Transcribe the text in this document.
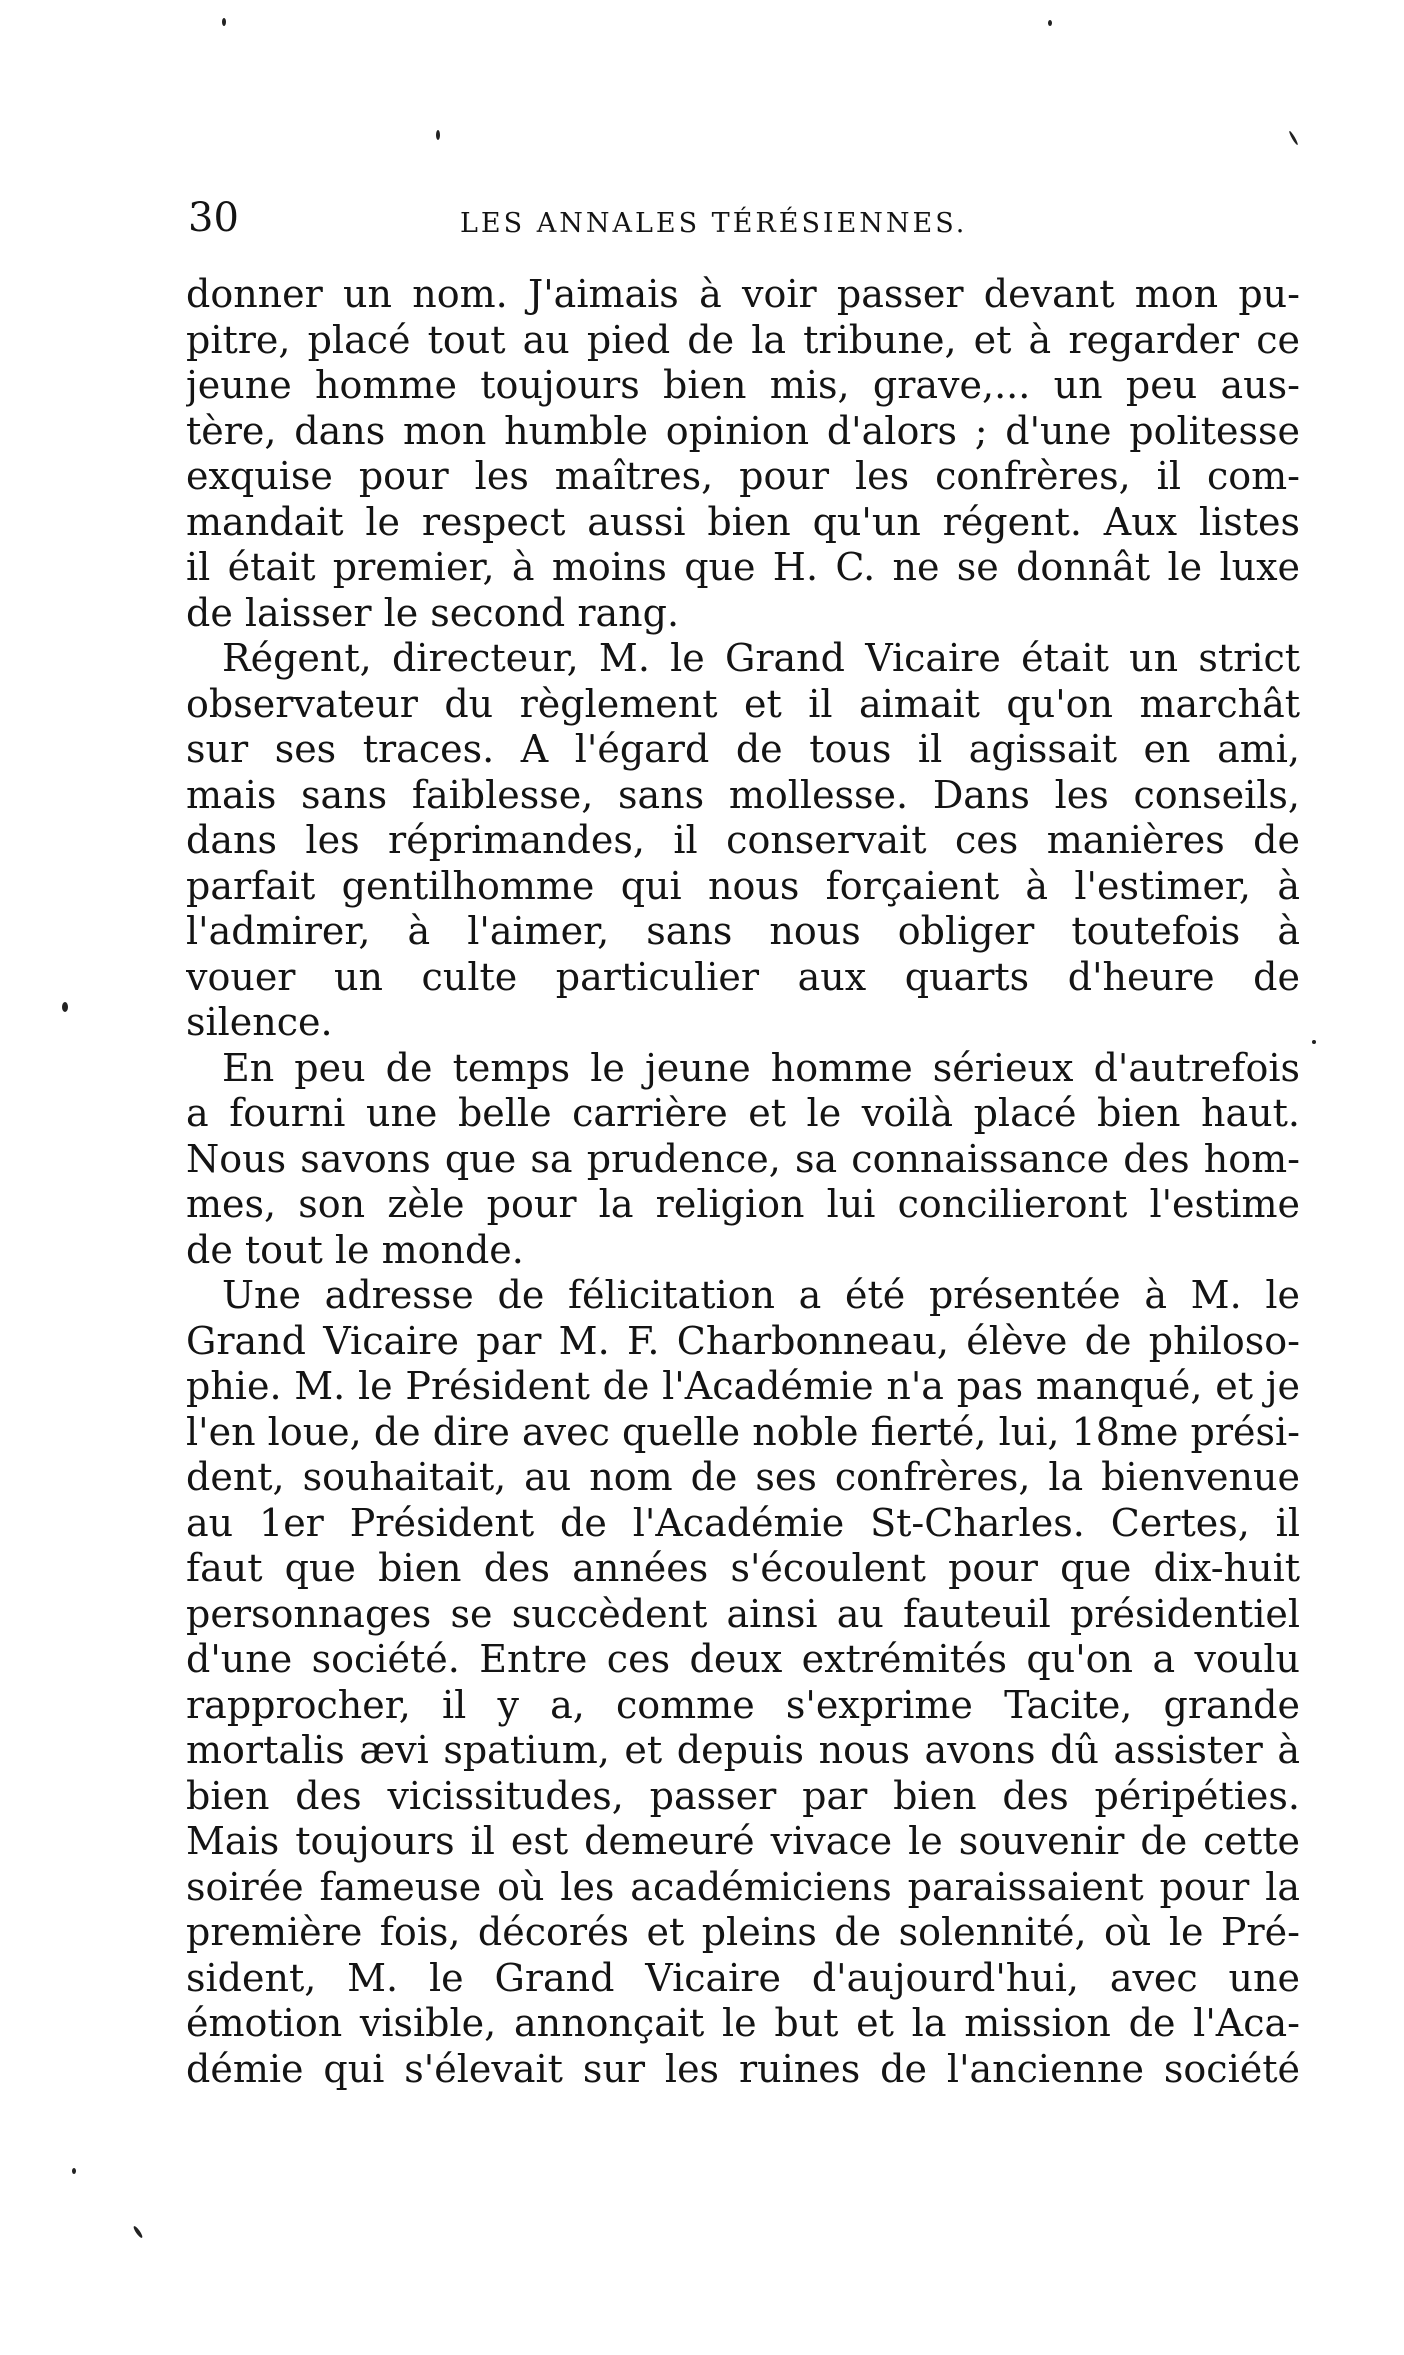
30	LES ANNALES TÉRÉSIENNES.
donner un nom. J'aimais à voir passer devant mon pu-
pitre, placé tout au pied de la tribune, et à regarder ce
jeune homme toujours bien mis, grave,... un peu aus-
tère, dans mon humble opinion d'alors ; d'une politesse
exquise pour les maîtres, pour les confrères, il com-
mandait le respect aussi bien qu'un régent. Aux listes
il était premier, à moins que H. C. ne se donnât le luxe
de laisser le second rang.
Régent, directeur, M. le Grand Vicaire était un strict
observateur du règlement et il aimait qu'on marchât
sur ses traces. A l'égard de tous il agissait en ami,
mais sans faiblesse, sans mollesse. Dans les conseils,
dans les réprimandes, il conservait ces manières de
parfait gentilhomme qui nous forçaient à l'estimer, à
l'admirer, à l'aimer, sans nous obliger toutefois à
vouer un culte particulier aux quarts d'heure de
silence.
En peu de temps le jeune homme sérieux d'autrefois
a fourni une belle carrière et le voilà placé bien haut.
Nous savons que sa prudence, sa connaissance des hom-
mes, son zèle pour la religion lui concilieront l'estime
de tout le monde.
Une adresse de félicitation a été présentée à M. le
Grand Vicaire par M. F. Charbonneau, élève de philoso-
phie. M. le Président de l'Académie n'a pas manqué, et je
l'en loue, de dire avec quelle noble fierté, lui, 18me prési-
dent, souhaitait, au nom de ses confrères, la bienvenue
au 1er Président de l'Académie St-Charles. Certes, il
faut que bien des années s'écoulent pour que dix-huit
personnages se succèdent ainsi au fauteuil présidentiel
d'une société. Entre ces deux extrémités qu'on a voulu
rapprocher, il y a, comme s'exprime Tacite, grande
mortalis ævi spatium, et depuis nous avons dû assister à
bien des vicissitudes, passer par bien des péripéties.
Mais toujours il est demeuré vivace le souvenir de cette
soirée fameuse où les académiciens paraissaient pour la
première fois, décorés et pleins de solennité, où le Pré-
sident, M. le Grand Vicaire d'aujourd'hui, avec une
émotion visible, annonçait le but et la mission de l'Aca-
démie qui s'élevait sur les ruines de l'ancienne société
